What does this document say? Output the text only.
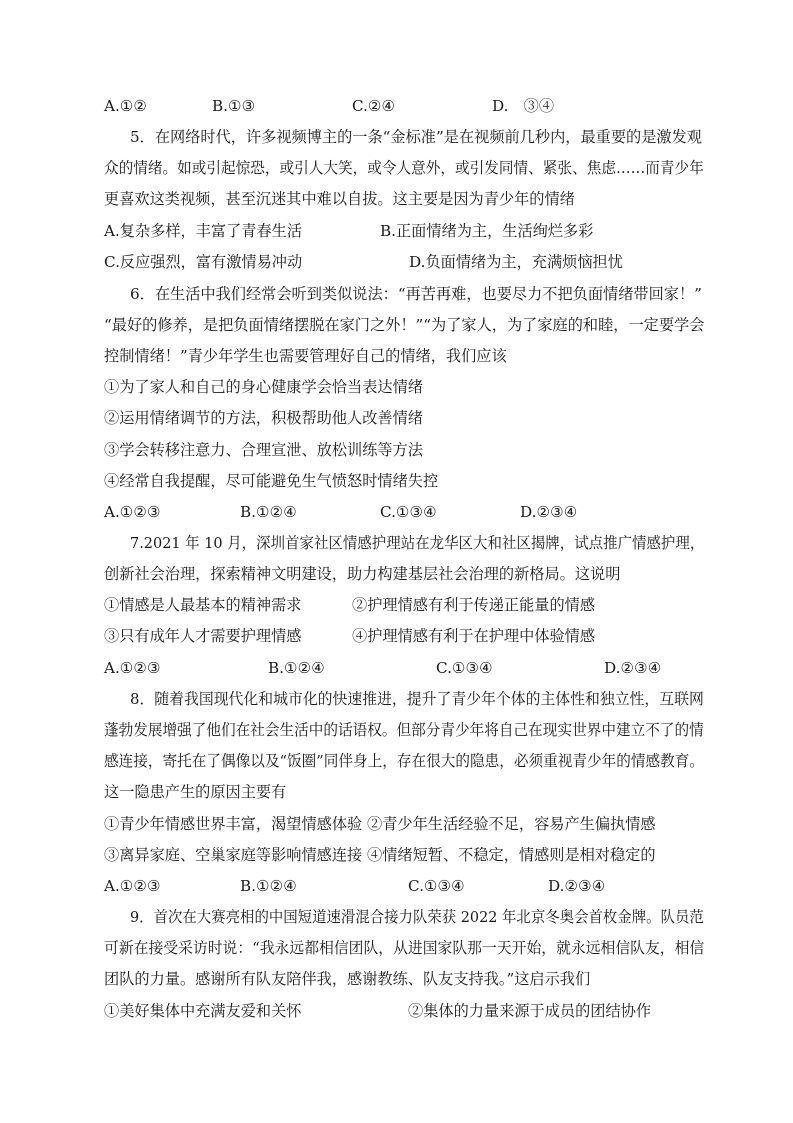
A.①②	B.①③	C.②④	D.　③④
5．在网络时代，许多视频博主的一条“金标准”是在视频前几秒内，最重要的是激发观
众的情绪。如或引起惊恐，或引人大笑，或令人意外，或引发同情、紧张、焦虑……而青少年
更喜欢这类视频，甚至沉迷其中难以自拔。这主要是因为青少年的情绪
A.复杂多样，丰富了青春生活	B.正面情绪为主，生活绚烂多彩
C.反应强烈，富有激情易冲动	D.负面情绪为主，充满烦恼担忧
6．在生活中我们经常会听到类似说法：“再苦再难，也要尽力不把负面情绪带回家！”
“最好的修养，是把负面情绪摆脱在家门之外！”“为了家人，为了家庭的和睦，一定要学会
控制情绪！”青少年学生也需要管理好自己的情绪，我们应该
①为了家人和自己的身心健康学会恰当表达情绪
②运用情绪调节的方法，积极帮助他人改善情绪
③学会转移注意力、合理宣泄、放松训练等方法
④经常自我提醒，尽可能避免生气愤怒时情绪失控
A.①②③	B.①②④	C.①③④	D.②③④
7.2021 年 10 月，深圳首家社区情感护理站在龙华区大和社区揭牌，试点推广情感护理，
创新社会治理，探索精神文明建设，助力构建基层社会治理的新格局。这说明
①情感是人最基本的精神需求	②护理情感有利于传递正能量的情感
③只有成年人才需要护理情感	④护理情感有利于在护理中体验情感
A.①②③	B.①②④	C.①③④	D.②③④
8．随着我国现代化和城市化的快速推进，提升了青少年个体的主体性和独立性，互联网
蓬勃发展增强了他们在社会生活中的话语权。但部分青少年将自己在现实世界中建立不了的情
感连接，寄托在了偶像以及“饭圈”同伴身上，存在很大的隐患，必须重视青少年的情感教育。
这一隐患产生的原因主要有
①青少年情感世界丰富，渴望情感体验 ②青少年生活经验不足，容易产生偏执情感
③离异家庭、空巢家庭等影响情感连接 ④情绪短暂、不稳定，情感则是相对稳定的
A.①②③	B.①②④	C.①③④	D.②③④
9．首次在大赛亮相的中国短道速滑混合接力队荣获 2022 年北京冬奥会首枚金牌。队员范
可新在接受采访时说：“我永远都相信团队，从进国家队那一天开始，就永远相信队友，相信
团队的力量。感谢所有队友陪伴我，感谢教练、队友支持我。”这启示我们
①美好集体中充满友爱和关怀	②集体的力量来源于成员的团结协作
